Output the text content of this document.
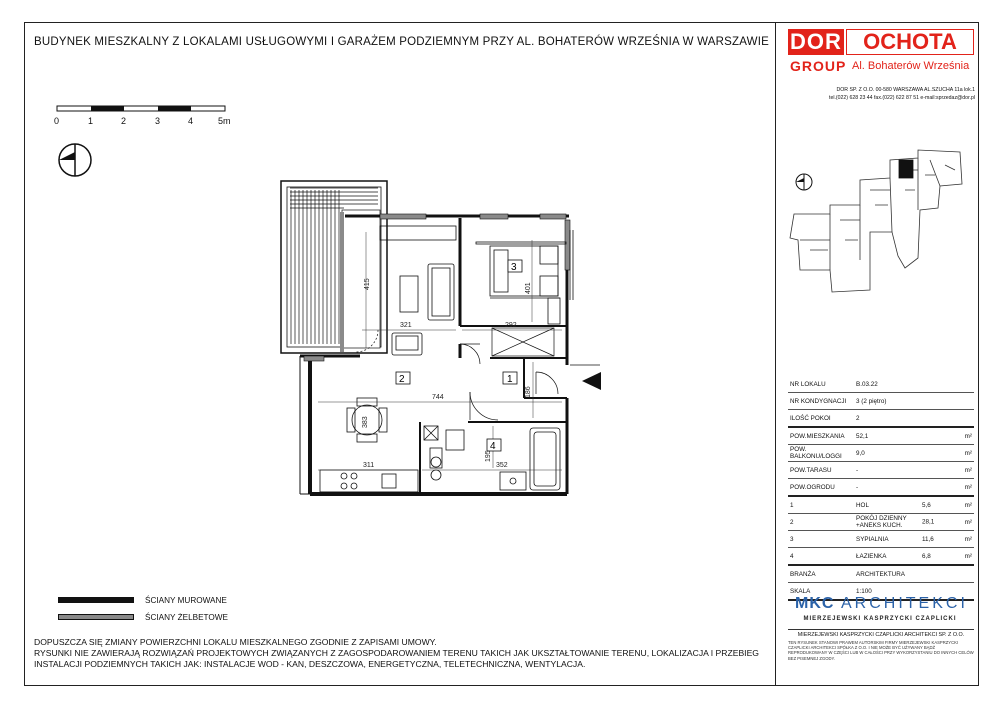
BUDYNEK MIESZKALNY Z LOKALAMI USŁUGOWYMI I GARAŻEM PODZIEMNYM PRZY AL. BOHATERÓW WRZEŚNIA W WARSZAWIE DOR OCHOTA
GROUP Al. Bohaterów Września
DOR SP. Z O.O. 00-580 WARSZAWA AL.SZUCHA 11a lok.1
tel.(022) 628 23 44 fax.(022) 622 87 51 e-mail:sprzedaz@dor.pl
0	1	2	3	4	5m
2	1
3
4
415
321	292
401
744	186
383
195
311	352
NR LOKALU	B.03.22	
NR KONDYGNACJI	3 (2 piętro)	
ILOŚĆ POKOI	2	
POW.MIESZKANIA	52,1	m²
POW. BALKONU/LOGGI	9,0	m²
POW.TARASU	-	m²
POW.OGRODU	-	m²
1	HOL 5,6	m²
2	POKÓJ DZIENNY +ANEKS KUCH. 28,1	m²
3	SYPIALNIA 11,6	m²
4	ŁAZIENKA 6,8	m²
BRANŻA	ARCHITEKTURA	
SKALA	1:100	
MKC ARCHITEKCI
MIERZEJEWSKI KASPRZYCKI CZAPLICKI
MIERZEJEWSKI KASPRZYCKI CZAPLICKI ARCHITEKCI SP. Z O.O.
TEN RYSUNEK STANOWI PRAWEM AUTORSKIM FIRMY MIERZEJEWSKI KASPRZYCKI CZAPLICKI ARCHITEKCI SPÓŁKA Z O.O. I NIE MOŻE BYĆ UŻYWANY BĄDŹ REPRODUKOWANY W CZĘŚCI LUB W CAŁOŚCI PRZY WYKORZYSTANIU DO INNYCH CELÓW BEZ PISEMNEJ ZGODY.
ŚCIANY MUROWANE
ŚCIANY ŻELBETOWE
DOPUSZCZA SIĘ ZMIANY POWIERZCHNI LOKALU MIESZKALNEGO ZGODNIE Z ZAPISAMI UMOWY.
RYSUNKI NIE ZAWIERAJĄ ROZWIĄZAŃ PROJEKTOWYCH ZWIĄZANYCH Z ZAGOSPODAROWANIEM TERENU TAKICH JAK UKSZTAŁTOWANIE TERENU, LOKALIZACJA I PRZEBIEG
INSTALACJI PODZIEMNYCH TAKICH JAK: INSTALACJE WOD - KAN, DESZCZOWA, ENERGETYCZNA, TELETECHNICZNA, WENTYLACJA.
